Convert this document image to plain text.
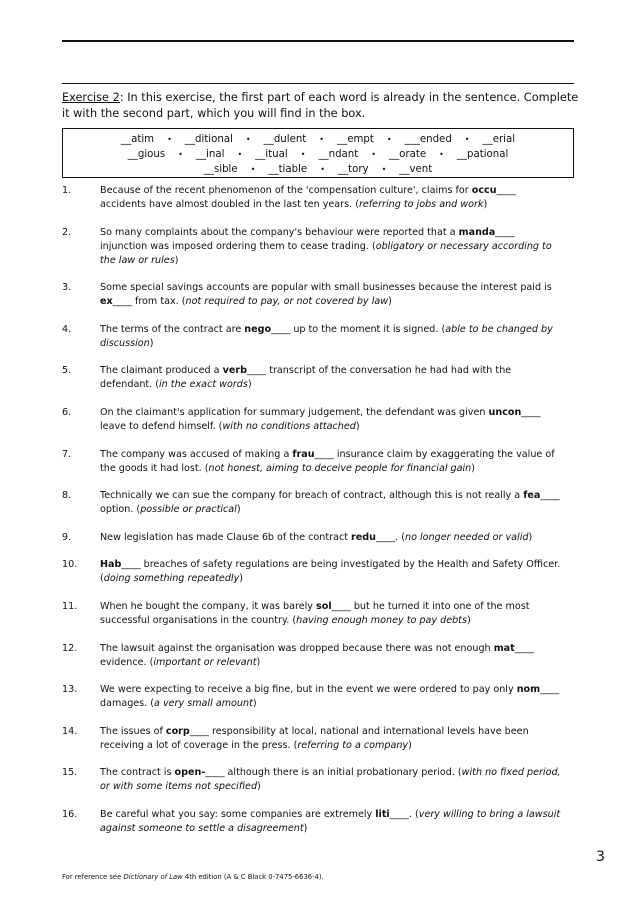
Exercise 2: In this exercise, the first part of each word is already in the sentence. Complete it with the second part, which you will find in the box.

__atim • __ditional • __dulent • __empt • ___ended • __erial
__gious • __inal • __itual • __ndant • __orate • __pational
__sible • __tiable • __tory • __vent
1.	Because of the recent phenomenon of the 'compensation culture', claims for occu____ accidents have almost doubled in the last ten years. (referring to jobs and work)
2.	So many complaints about the company's behaviour were reported that a manda____ injunction was imposed ordering them to cease trading. (obligatory or necessary according to the law or rules)
3.	Some special savings accounts are popular with small businesses because the interest paid is ex____ from tax. (not required to pay, or not covered by law)
4.	The terms of the contract are nego____ up to the moment it is signed. (able to be changed by discussion)
5.	The claimant produced a verb____ transcript of the conversation he had had with the defendant. (in the exact words)
6.	On the claimant's application for summary judgement, the defendant was given uncon____ leave to defend himself. (with no conditions attached)
7.	The company was accused of making a frau____ insurance claim by exaggerating the value of the goods it had lost. (not honest, aiming to deceive people for financial gain)
8.	Technically we can sue the company for breach of contract, although this is not really a fea____ option. (possible or practical)
9.	New legislation has made Clause 6b of the contract redu____. (no longer needed or valid)
10.	Hab____ breaches of safety regulations are being investigated by the Health and Safety Officer. (doing something repeatedly)
11.	When he bought the company, it was barely sol____ but he turned it into one of the most successful organisations in the country. (having enough money to pay debts)
12.	The lawsuit against the organisation was dropped because there was not enough mat____ evidence. (important or relevant)
13.	We were expecting to receive a big fine, but in the event we were ordered to pay only nom____ damages. (a very small amount)
14.	The issues of corp____ responsibility at local, national and international levels have been receiving a lot of coverage in the press. (referring to a company)
15.	The contract is open-____ although there is an initial probationary period. (with no fixed period, or with some items not specified)
16.	Be careful what you say: some companies are extremely liti____. (very willing to bring a lawsuit against someone to settle a disagreement)
3
For reference see Dictionary of Law 4th edition (A & C Black 0-7475-6636-4).
